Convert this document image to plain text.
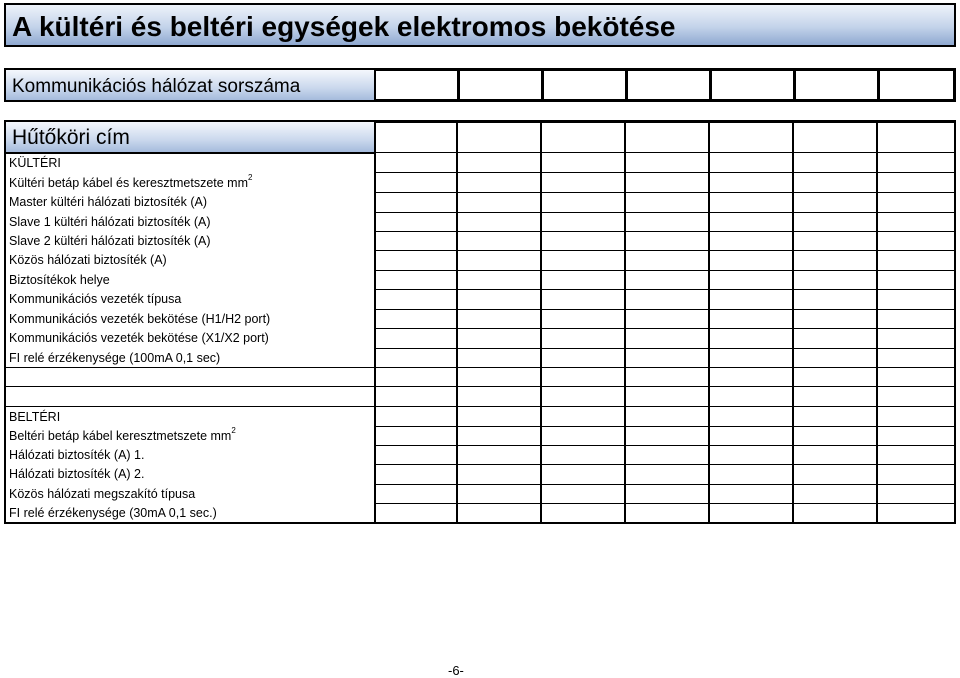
A kültéri és beltéri egységek elektromos bekötése
Kommunikációs hálózat sorszáma
Hűtőköri cím
KÜLTÉRI
Kültéri betáp kábel és keresztmetszete $mm^2$
Master kültéri hálózati biztosíték (A)
Slave 1 kültéri hálózati biztosíték (A)
Slave 2 kültéri hálózati biztosíték (A)
Közös hálózati biztosíték (A)
Biztosítékok helye
Kommunikációs vezeték típusa
Kommunikációs vezeték bekötése (H1/H2 port)
Kommunikációs vezeték bekötése (X1/X2 port)
FI relé érzékenysége (100mA 0,1 sec)
BELTÉRI
Beltéri betáp kábel keresztmetszete $mm^2$
Hálózati biztosíték (A) 1.
Hálózati biztosíték (A) 2.
Közös hálózati megszakító típusa
FI relé érzékenysége (30mA 0,1 sec.)
-6-
